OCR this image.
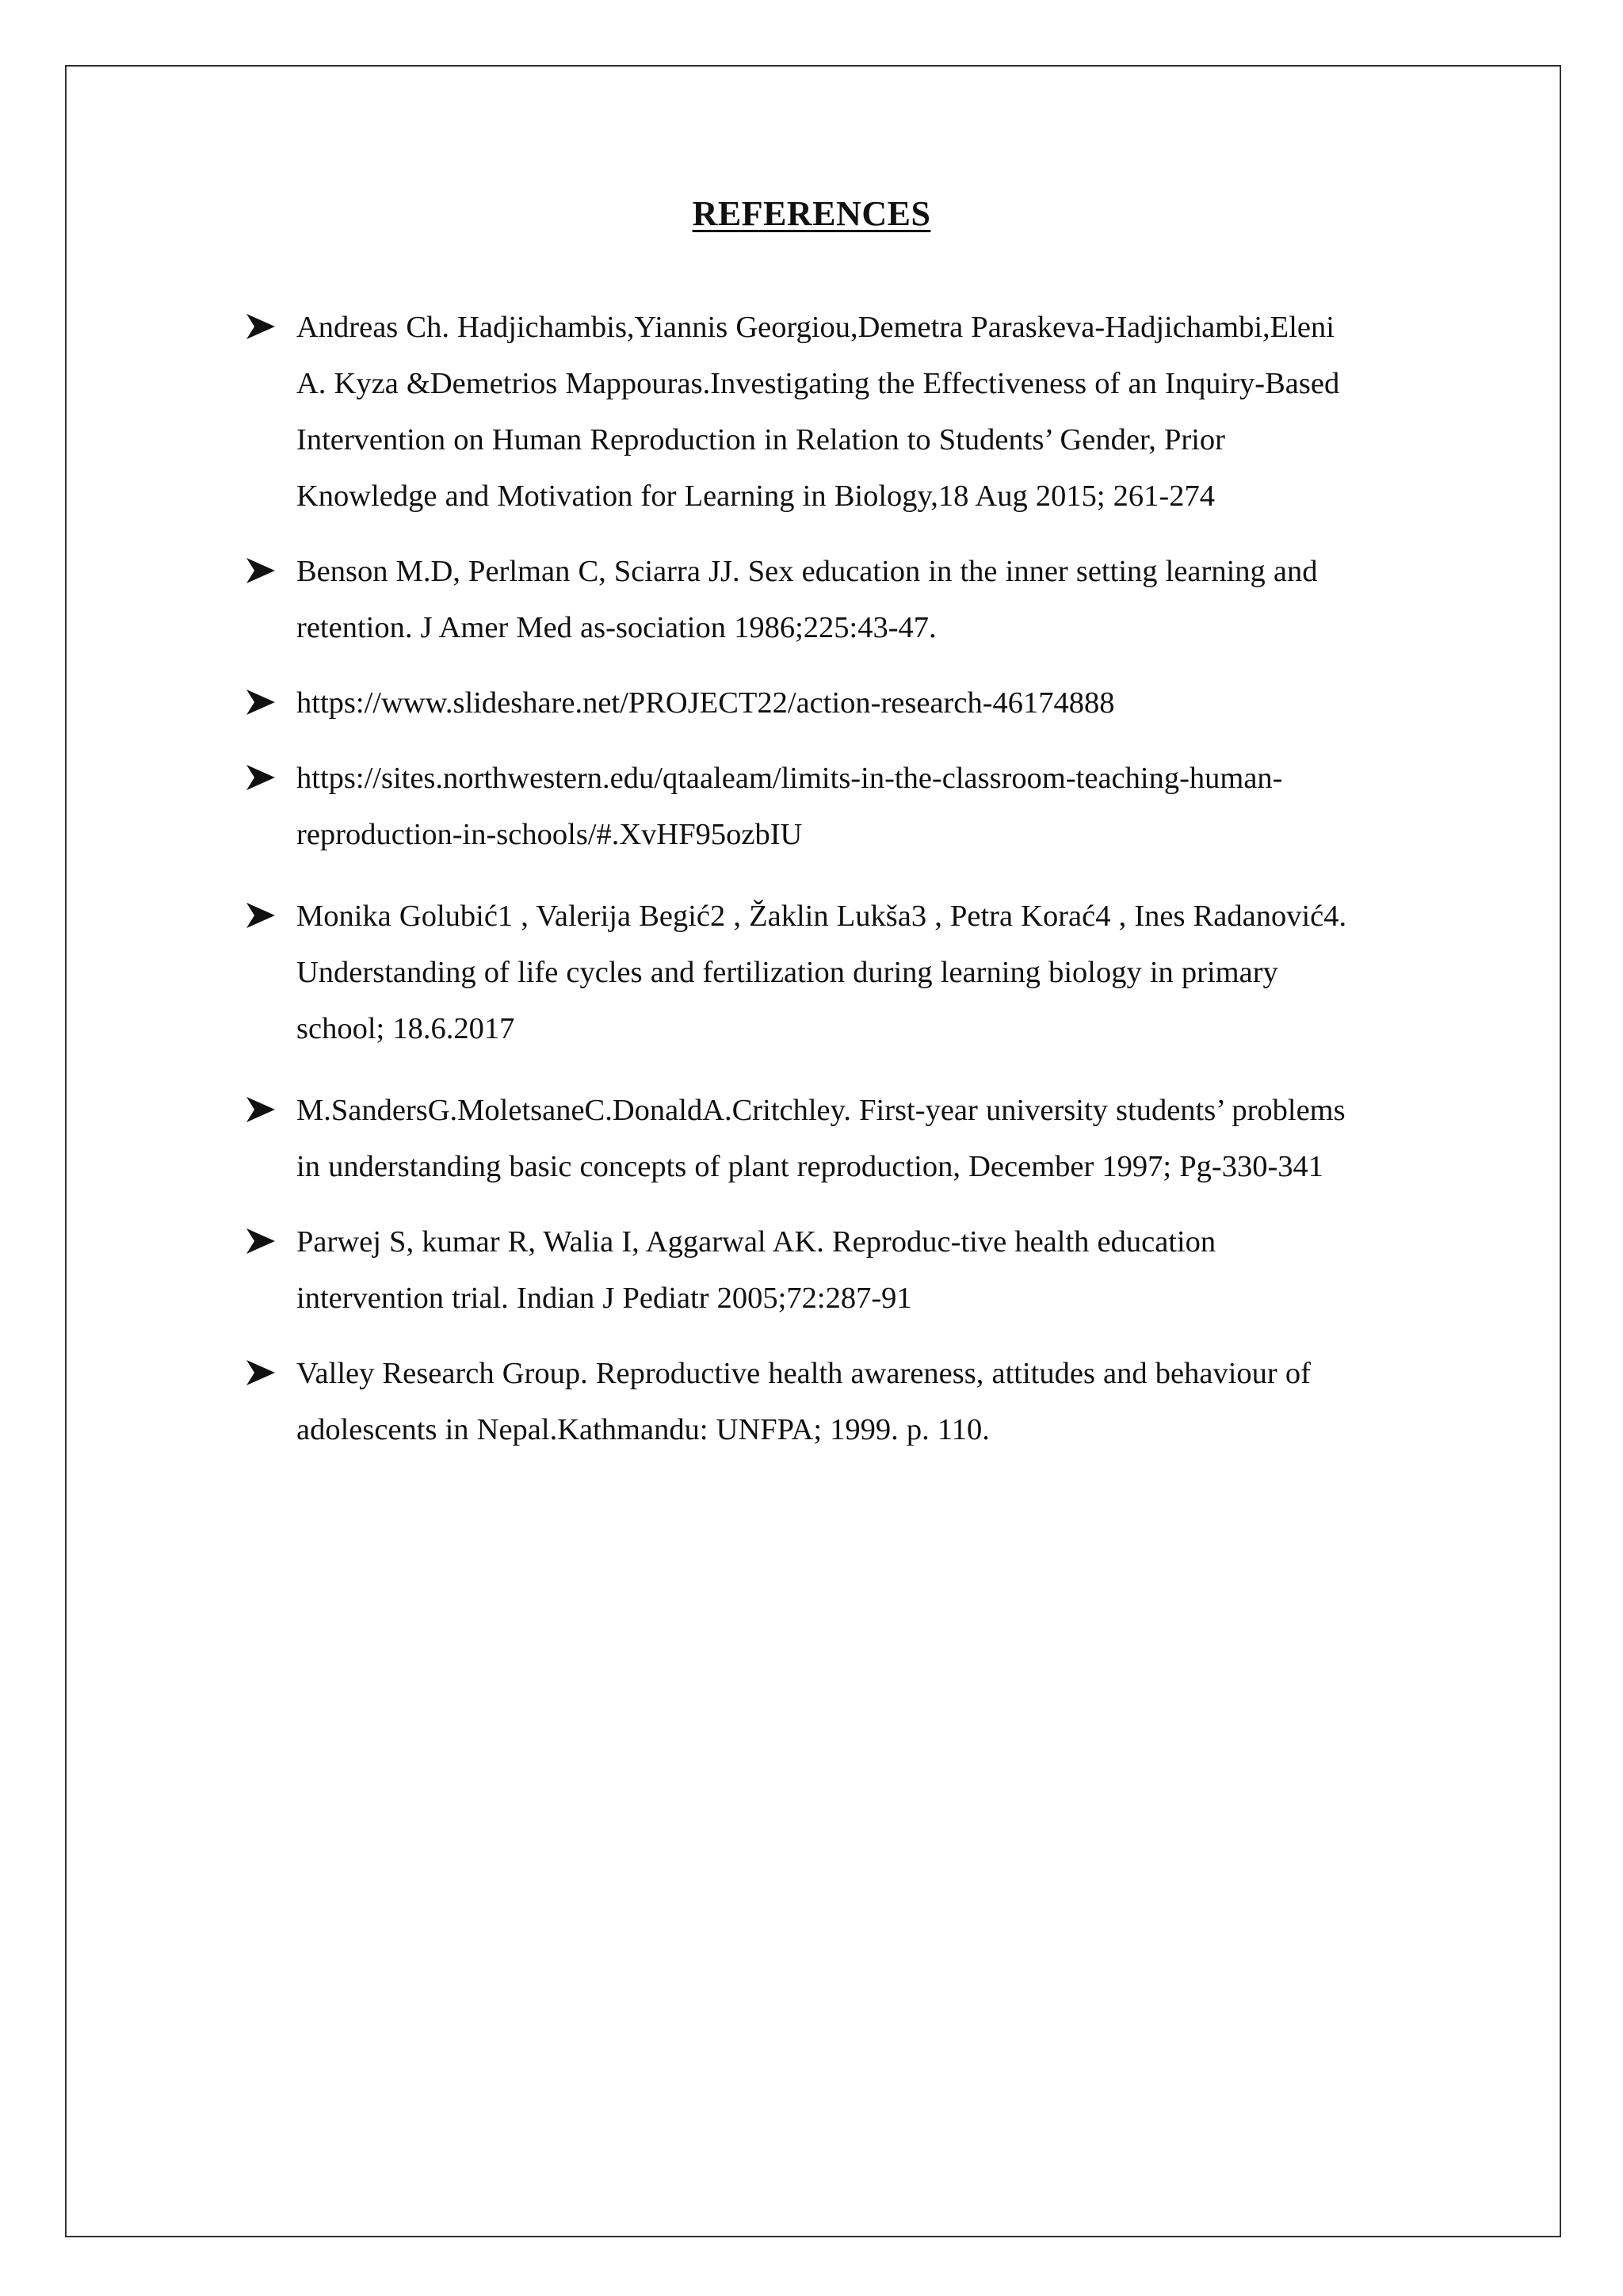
REFERENCES
Andreas Ch. Hadjichambis,Yiannis Georgiou,Demetra Paraskeva-Hadjichambi,Eleni
A. Kyza &Demetrios Mappouras.Investigating the Effectiveness of an Inquiry-Based
Intervention on Human Reproduction in Relation to Students’ Gender, Prior
Knowledge and Motivation for Learning in Biology,18 Aug 2015; 261-274
Benson M.D, Perlman C, Sciarra JJ. Sex education in the inner setting learning and
retention. J Amer Med as-sociation 1986;225:43-47.
https://www.slideshare.net/PROJECT22/action-research-46174888
https://sites.northwestern.edu/qtaaleam/limits-in-the-classroom-teaching-human-
reproduction-in-schools/#.XvHF95ozbIU
Monika Golubić1 , Valerija Begić2 , Žaklin Lukša3 , Petra Korać4 , Ines Radanović4.
Understanding of life cycles and fertilization during learning biology in primary
school; 18.6.2017
M.SandersG.MoletsaneC.DonaldA.Critchley. First-year university students’ problems
in understanding basic concepts of plant reproduction, December 1997; Pg-330-341
Parwej S, kumar R, Walia I, Aggarwal AK. Reproduc-tive health education
intervention trial. Indian J Pediatr 2005;72:287-91
Valley Research Group. Reproductive health awareness, attitudes and behaviour of
adolescents in Nepal.Kathmandu: UNFPA; 1999. p. 110.
